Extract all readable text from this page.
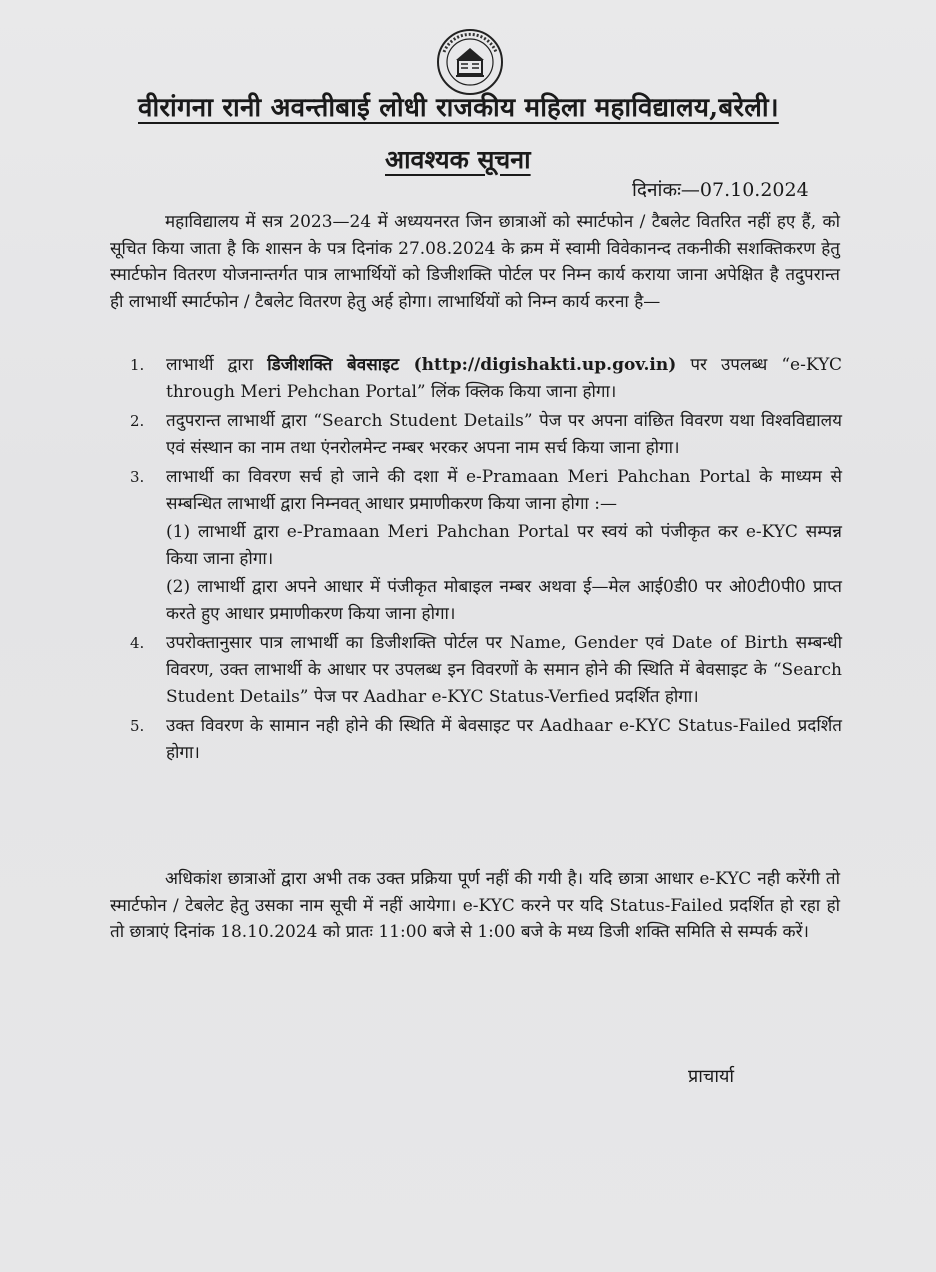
वीरांगना रानी अवन्तीबाई लोधी राजकीय महिला महाविद्यालय,बरेली।
आवश्यक सूचना
दिनांकः—07.10.2024
महाविद्यालय में सत्र 2023—24 में अध्ययनरत जिन छात्राओं को स्मार्टफोन / टैबलेट वितरित नहीं हए हैं, को सूचित किया जाता है कि शासन के पत्र दिनांक 27.08.2024 के क्रम में स्वामी विवेकानन्द तकनीकी सशक्तिकरण हेतु स्मार्टफोन वितरण योजनान्तर्गत पात्र लाभार्थियों को डिजीशक्ति पोर्टल पर निम्न कार्य कराया जाना अपेक्षित है तदुपरान्त ही लाभार्थी स्मार्टफोन / टैबलेट वितरण हेतु अर्ह होगा। लाभार्थियों को निम्न कार्य करना है—
1. लाभार्थी द्वारा डिजीशक्ति बेवसाइट (http://digishakti.up.gov.in) पर उपलब्ध “e-KYC through Meri Pehchan Portal” लिंक क्लिक किया जाना होगा।
2. तदुपरान्त लाभार्थी द्वारा “Search Student Details” पेज पर अपना वांछित विवरण यथा विश्वविद्यालय एवं संस्थान का नाम तथा एंनरोलमेन्ट नम्बर भरकर अपना नाम सर्च किया जाना होगा।
3. लाभार्थी का विवरण सर्च हो जाने की दशा में e-Pramaan Meri Pahchan Portal के माध्यम से सम्बन्धित लाभार्थी द्वारा निम्नवत् आधार प्रमाणीकरण किया जाना होगा :—
(1) लाभार्थी द्वारा e-Pramaan Meri Pahchan Portal पर स्वयं को पंजीकृत कर e-KYC सम्पन्न किया जाना होगा।
(2) लाभार्थी द्वारा अपने आधार में पंजीकृत मोबाइल नम्बर अथवा ई—मेल आई0डी0 पर ओ0टी0पी0 प्राप्त करते हुए आधार प्रमाणीकरण किया जाना होगा।
4. उपरोक्तानुसार पात्र लाभार्थी का डिजीशक्ति पोर्टल पर Name, Gender एवं Date of Birth सम्बन्धी विवरण, उक्त लाभार्थी के आधार पर उपलब्ध इन विवरणों के समान होने की स्थिति में बेवसाइट के “Search Student Details” पेज पर Aadhar e-KYC Status-Verfied प्रदर्शित होगा।
5. उक्त विवरण के सामान नही होने की स्थिति में बेवसाइट पर Aadhaar e-KYC Status-Failed प्रदर्शित होगा।
अधिकांश छात्राओं द्वारा अभी तक उक्त प्रक्रिया पूर्ण नहीं की गयी है। यदि छात्रा आधार e-KYC नही करेंगी तो स्मार्टफोन / टेबलेट हेतु उसका नाम सूची में नहीं आयेगा। e-KYC करने पर यदि Status-Failed प्रदर्शित हो रहा हो तो छात्राएं दिनांक 18.10.2024 को प्रातः 11:00 बजे से 1:00 बजे के मध्य डिजी शक्ति समिति से सम्पर्क करें।
प्राचार्या
